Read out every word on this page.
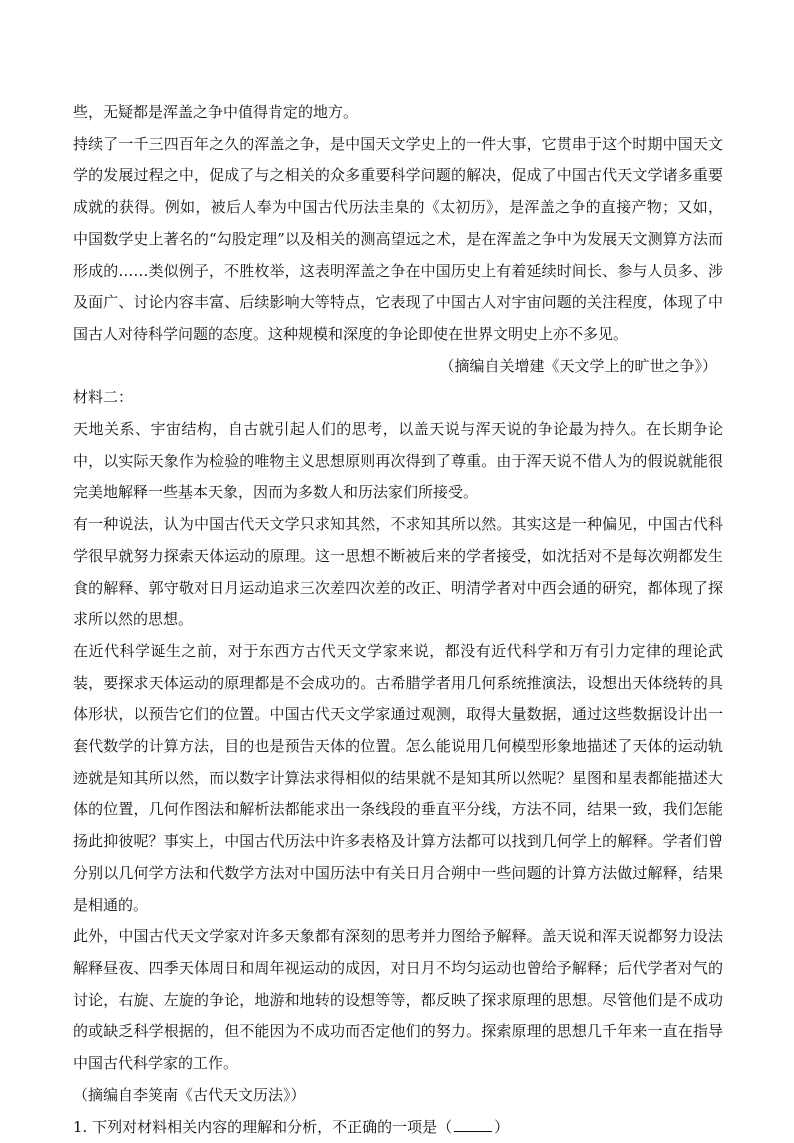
些，无疑都是浑盖之争中值得肯定的地方。

持续了一千三四百年之久的浑盖之争，是中国天文学史上的一件大事，它贯串于这个时期中国天文学的发展过程之中，促成了与之相关的众多重要科学问题的解决，促成了中国古代天文学诸多重要成就的获得。例如，被后人奉为中国古代历法圭臬的《太初历》，是浑盖之争的直接产物；又如，中国数学史上著名的“勾股定理”以及相关的测高望远之术，是在浑盖之争中为发展天文测算方法而形成的……类似例子，不胜枚举，这表明浑盖之争在中国历史上有着延续时间长、参与人员多、涉及面广、讨论内容丰富、后续影响大等特点，它表现了中国古人对宇宙问题的关注程度，体现了中国古人对待科学问题的态度。这种规模和深度的争论即使在世界文明史上亦不多见。

（摘编自关增建《天文学上的旷世之争》）

材料二：

天地关系、宇宙结构，自古就引起人们的思考，以盖天说与浑天说的争论最为持久。在长期争论中，以实际天象作为检验的唯物主义思想原则再次得到了尊重。由于浑天说不借人为的假说就能很完美地解释一些基本天象，因而为多数人和历法家们所接受。

有一种说法，认为中国古代天文学只求知其然，不求知其所以然。其实这是一种偏见，中国古代科学很早就努力探索天体运动的原理。这一思想不断被后来的学者接受，如沈括对不是每次朔都发生食的解释、郭守敬对日月运动追求三次差四次差的改正、明清学者对中西会通的研究，都体现了探求所以然的思想。

在近代科学诞生之前，对于东西方古代天文学家来说，都没有近代科学和万有引力定律的理论武装，要探求天体运动的原理都是不会成功的。古希腊学者用几何系统推演法，设想出天体绕转的具体形状，以预告它们的位置。中国古代天文学家通过观测，取得大量数据，通过这些数据设计出一套代数学的计算方法，目的也是预告天体的位置。怎么能说用几何模型形象地描述了天体的运动轨迹就是知其所以然，而以数字计算法求得相似的结果就不是知其所以然呢？星图和星表都能描述大体的位置，几何作图法和解析法都能求出一条线段的垂直平分线，方法不同，结果一致，我们怎能扬此抑彼呢？事实上，中国古代历法中许多表格及计算方法都可以找到几何学上的解释。学者们曾分别以几何学方法和代数学方法对中国历法中有关日月合朔中一些问题的计算方法做过解释，结果是相通的。

此外，中国古代天文学家对许多天象都有深刻的思考并力图给予解释。盖天说和浑天说都努力设法解释昼夜、四季天体周日和周年视运动的成因，对日月不均匀运动也曾给予解释；后代学者对气的讨论，右旋、左旋的争论，地游和地转的设想等等，都反映了探求原理的思想。尽管他们是不成功的或缺乏科学根据的，但不能因为不成功而否定他们的努力。探索原理的思想几千年来一直在指导中国古代科学家的工作。

（摘编自李䇲南《古代天文历法》）

1. 下列对材料相关内容的理解和分析，不正确的一项是（	）
